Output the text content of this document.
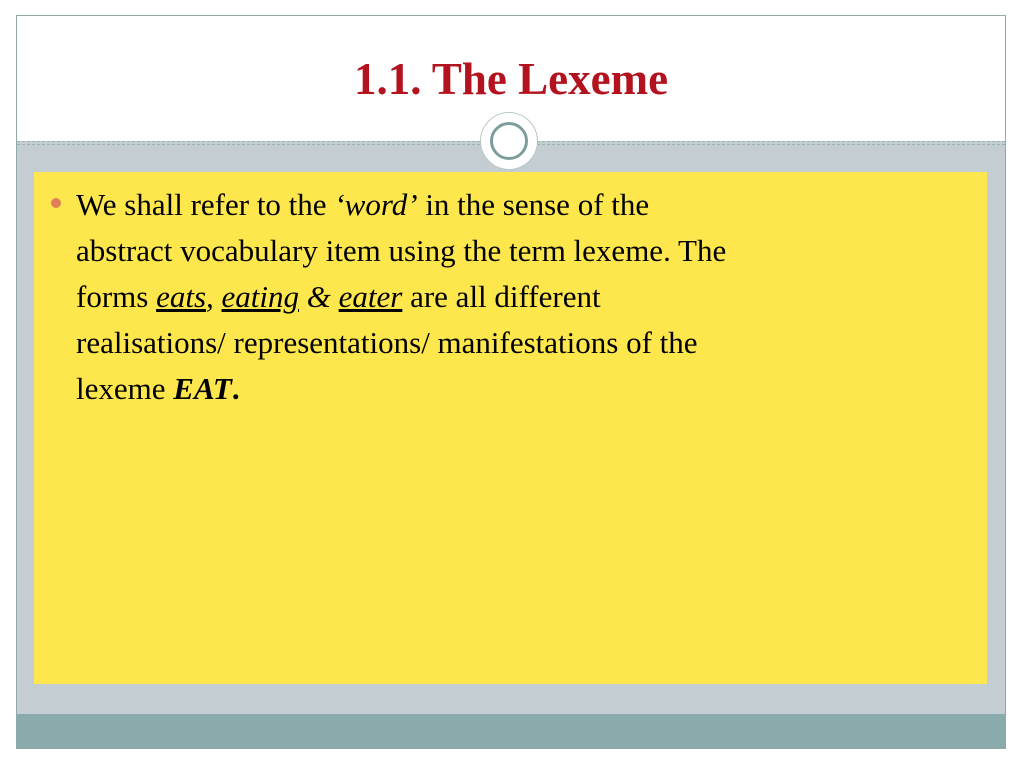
1.1. The Lexeme
We shall refer to the ‘word’ in the sense of the
abstract vocabulary item using the term lexeme. The
forms eats, eating & eater are all different
realisations/ representations/ manifestations of the
lexeme EAT.
